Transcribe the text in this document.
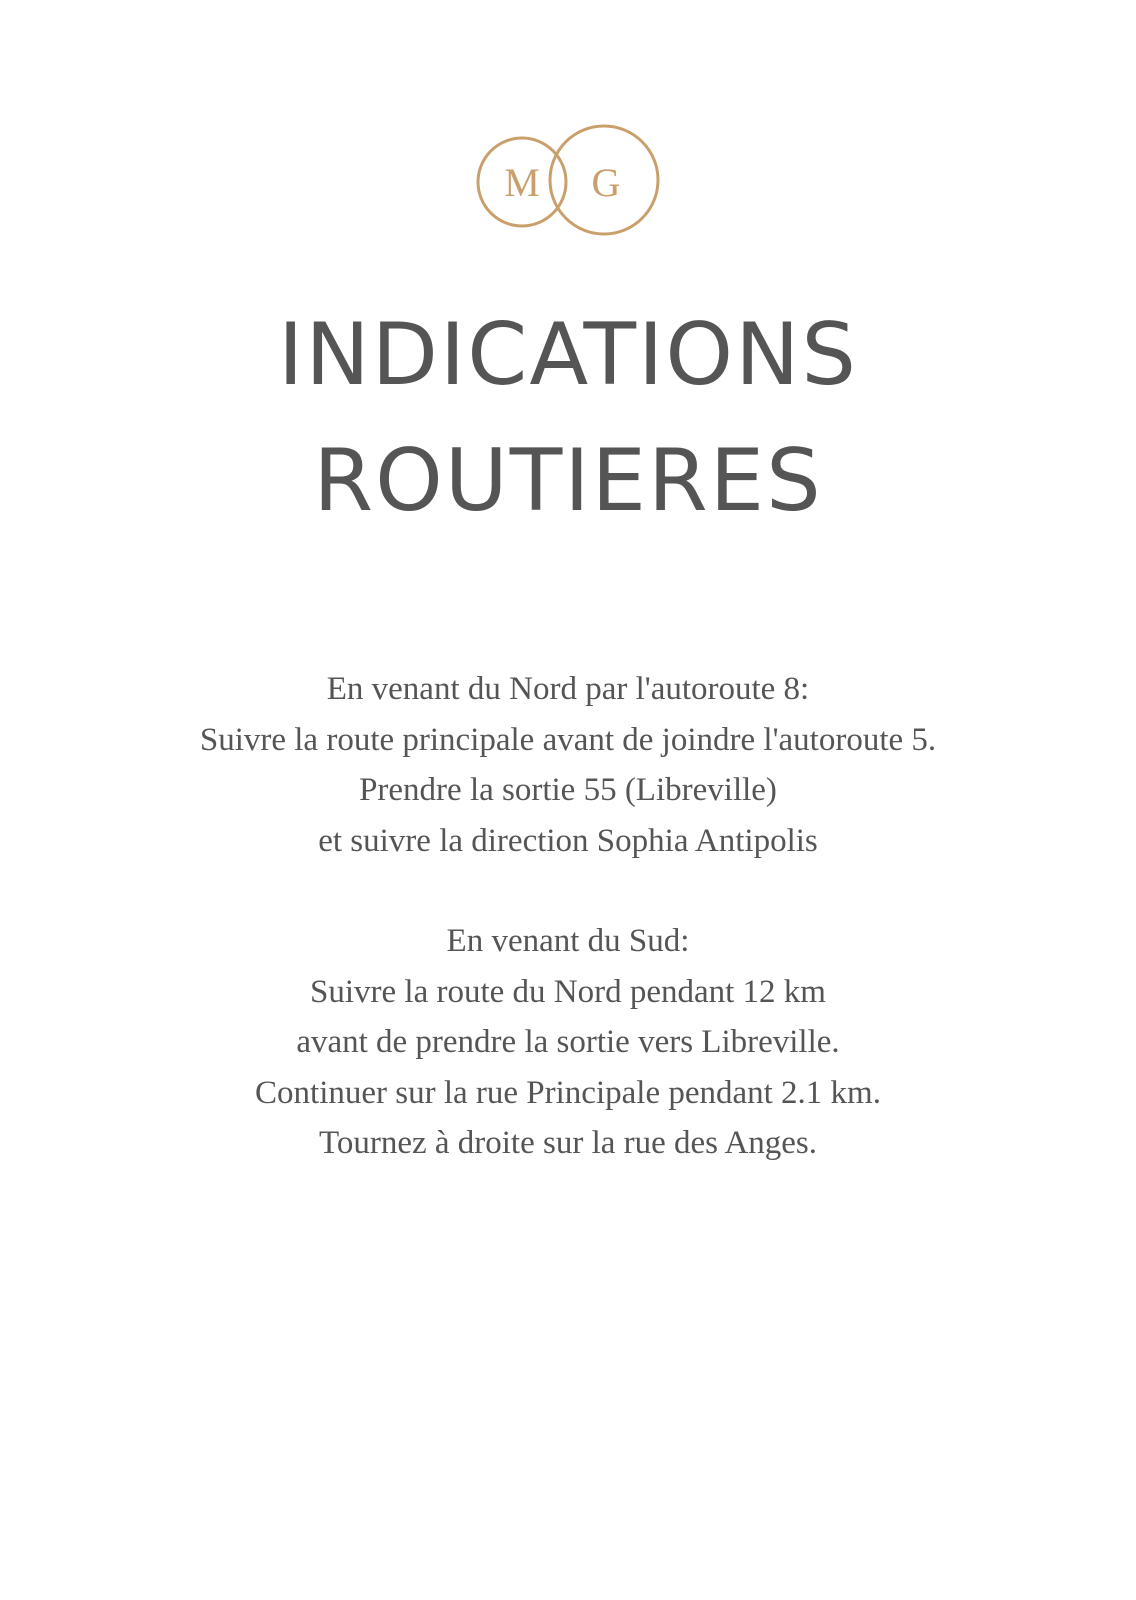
M G
INDICATIONS
ROUTIERES
En venant du Nord par l'autoroute 8:
Suivre la route principale avant de joindre l'autoroute 5.
Prendre la sortie 55 (Libreville)
et suivre la direction Sophia Antipolis
En venant du Sud:
Suivre la route du Nord pendant 12 km
avant de prendre la sortie vers Libreville.
Continuer sur la rue Principale pendant 2.1 km.
Tournez à droite sur la rue des Anges.
